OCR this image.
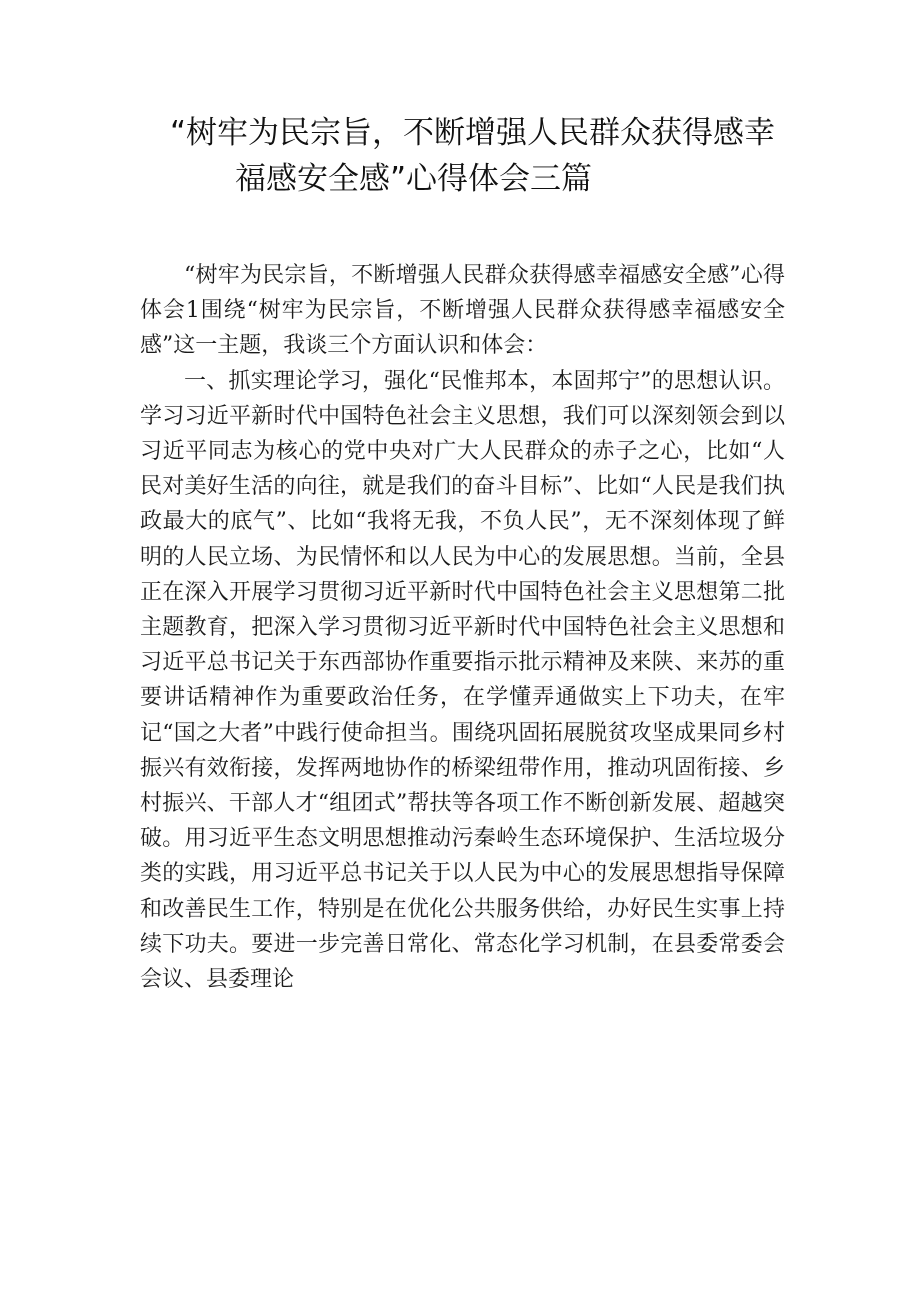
“树牢为民宗旨，不断增强人民群众获得感幸
福感安全感”心得体会三篇

“树牢为民宗旨，不断增强人民群众获得感幸福感安全感”心得体会1围绕“树牢为民宗旨，不断增强人民群众获得感幸福感安全感”这一主题，我谈三个方面认识和体会：

一、抓实理论学习，强化“民惟邦本，本固邦宁”的思想认识。学习习近平新时代中国特色社会主义思想，我们可以深刻领会到以习近平同志为核心的党中央对广大人民群众的赤子之心，比如“人民对美好生活的向往，就是我们的奋斗目标”、比如“人民是我们执政最大的底气”、比如“我将无我，不负人民”，无不深刻体现了鲜明的人民立场、为民情怀和以人民为中心的发展思想。当前，全县正在深入开展学习贯彻习近平新时代中国特色社会主义思想第二批主题教育，把深入学习贯彻习近平新时代中国特色社会主义思想和习近平总书记关于东西部协作重要指示批示精神及来陕、来苏的重要讲话精神作为重要政治任务，在学懂弄通做实上下功夫，在牢记“国之大者”中践行使命担当。围绕巩固拓展脱贫攻坚成果同乡村振兴有效衔接，发挥两地协作的桥梁纽带作用，推动巩固衔接、乡村振兴、干部人才“组团式”帮扶等各项工作不断创新发展、超越突破。用习近平生态文明思想推动污秦岭生态环境保护、生活垃圾分类的实践，用习近平总书记关于以人民为中心的发展思想指导保障和改善民生工作，特别是在优化公共服务供给，办好民生实事上持续下功夫。要进一步完善日常化、常态化学习机制，在县委常委会会议、县委理论
